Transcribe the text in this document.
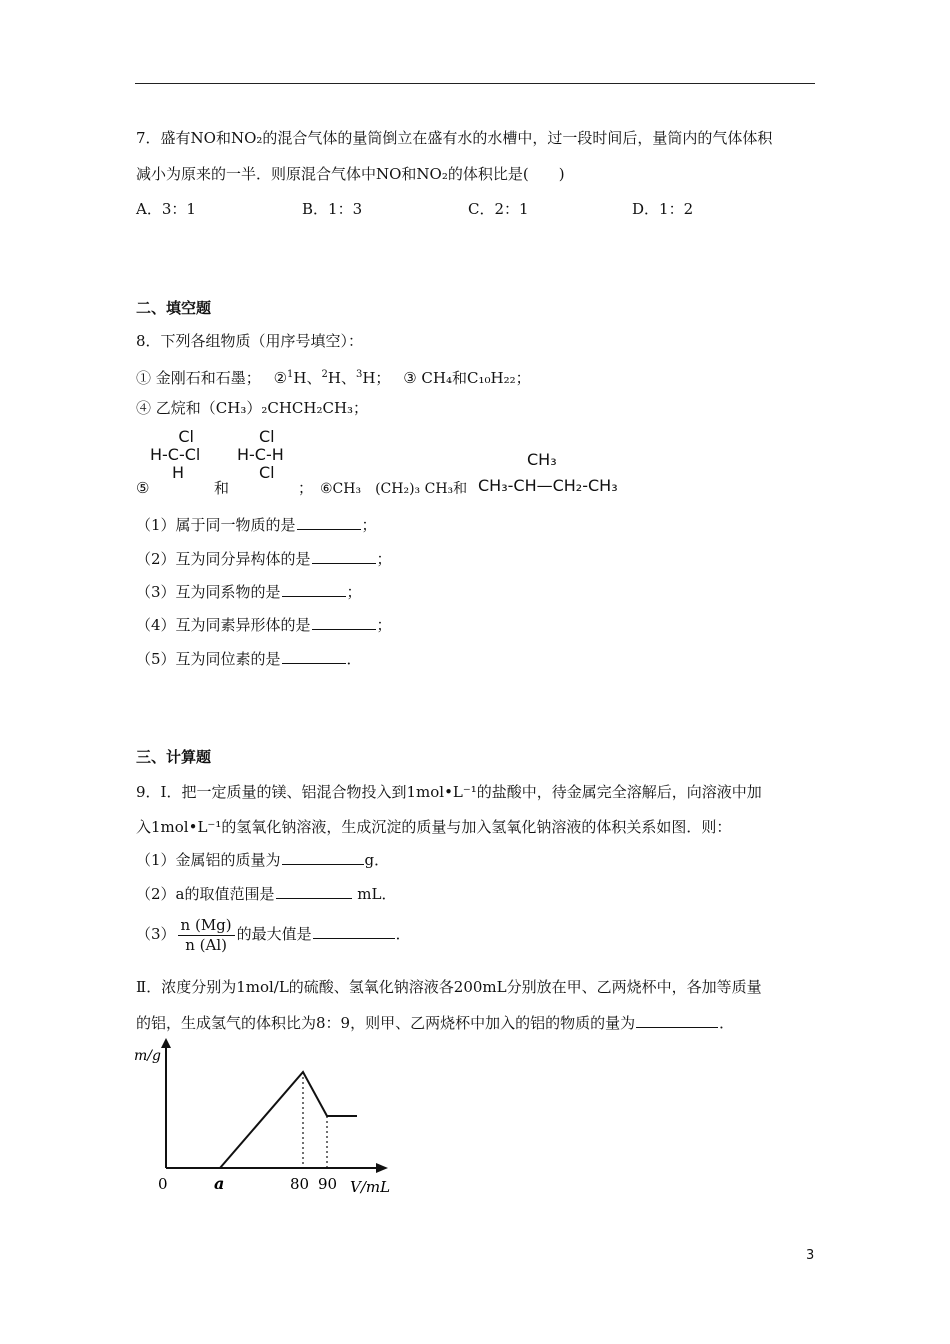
7．盛有NO和NO₂的混合气体的量筒倒立在盛有水的水槽中，过一段时间后，量筒内的气体体积
减小为原来的一半．则原混合气体中NO和NO₂的体积比是(　　)
A．3：1	B．1：3	C．2：1	D．1：2
二、填空题
8．下列各组物质（用序号填空）：
① 金刚石和石墨； ②$^1$H、$^2$H、$^3$H； ③ CH₄和C₁₀H₂₂；
④ 乙烷和（CH₃）₂CHCH₂CH₃；
Cl
H-C-Cl
H
Cl
H-C-H
Cl
⑤	和	； ⑥CH₃　(CH₂)₃ CH₃和
CH₃
CH₃-CH—CH₂-CH₃
（1）属于同一物质的是	；
（2）互为同分异构体的是	；
（3）互为同系物的是	；
（4）互为同素异形体的是	；
（5）互为同位素的是	．
三、计算题
9．Ⅰ．把一定质量的镁、铝混合物投入到1mol•L⁻¹的盐酸中，待金属完全溶解后，向溶液中加
入1mol•L⁻¹的氢氧化钠溶液，生成沉淀的质量与加入氢氧化钠溶液的体积关系如图．则：
（1）金属铝的质量为	g．
（2）a的取值范围是	mL．
$(3) \frac{n (Mg)}{n (Al)}$ 的最大值是	．
Ⅱ．浓度分别为1mol/L的硫酸、氢氧化钠溶液各200mL分别放在甲、乙两烧杯中，各加等质量
的铝，生成氢气的体积比为8：9，则甲、乙两烧杯中加入的铝的物质的量为	．
m/g
0	a	80 90 V/mL
3
